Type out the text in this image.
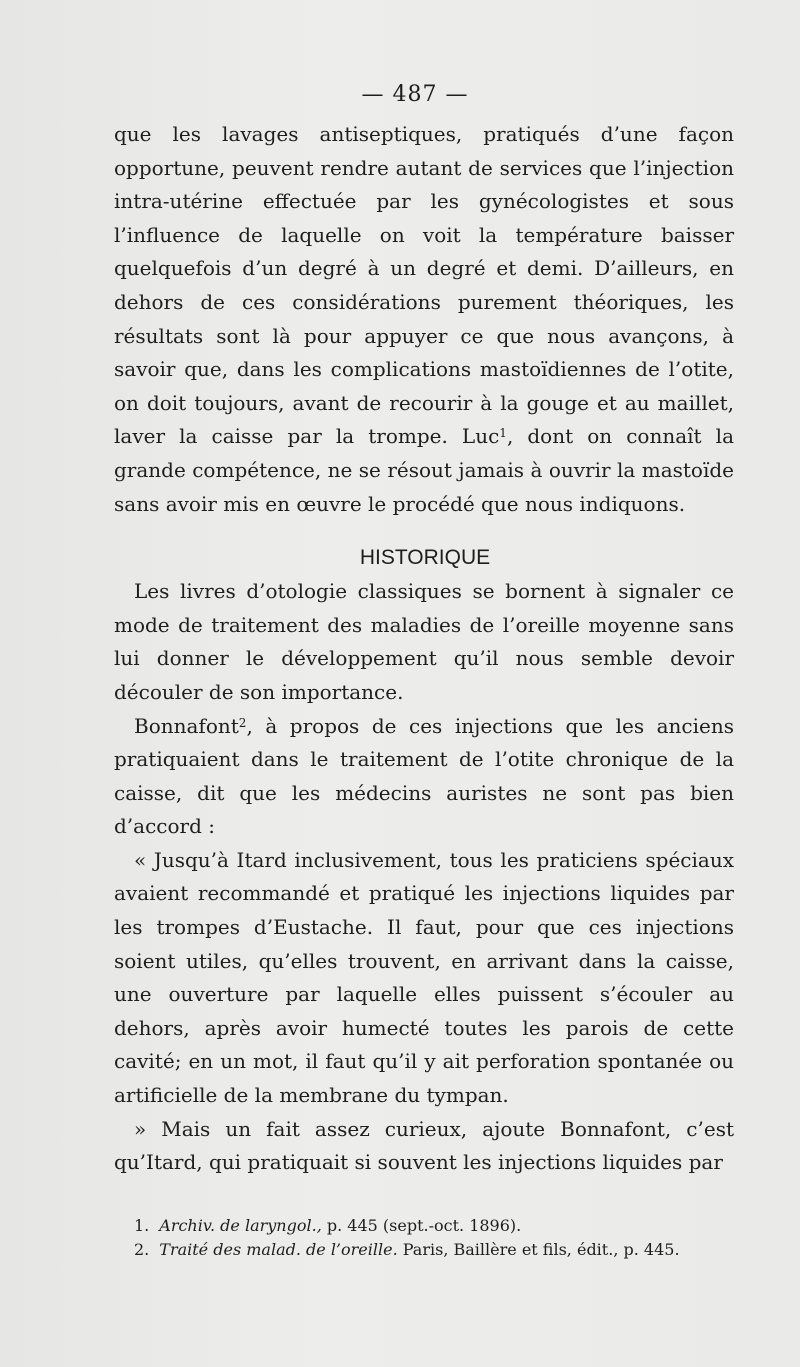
— 487 —

que les lavages antiseptiques, pratiqués d’une façon opportune, peuvent rendre autant de services que l’injection intra-utérine effectuée par les gynécologistes et sous l’influence de laquelle on voit la température baisser quelquefois d’un degré à un degré et demi. D’ailleurs, en dehors de ces considérations purement théoriques, les résultats sont là pour appuyer ce que nous avançons, à savoir que, dans les complications mastoïdiennes de l’otite, on doit toujours, avant de recourir à la gouge et au maillet, laver la caisse par la trompe. Luc$^1$, dont on connaît la grande compétence, ne se résout jamais à ouvrir la mastoïde sans avoir mis en œuvre le procédé que nous indiquons.

HISTORIQUE

Les livres d’otologie classiques se bornent à signaler ce mode de traitement des maladies de l’oreille moyenne sans lui donner le développement qu’il nous semble devoir découler de son importance.

Bonnafont$^2$, à propos de ces injections que les anciens pratiquaient dans le traitement de l’otite chronique de la caisse, dit que les médecins auristes ne sont pas bien d’accord :

« Jusqu’à Itard inclusivement, tous les praticiens spéciaux avaient recommandé et pratiqué les injections liquides par les trompes d’Eustache. Il faut, pour que ces injections soient utiles, qu’elles trouvent, en arrivant dans la caisse, une ouverture par laquelle elles puissent s’écouler au dehors, après avoir humecté toutes les parois de cette cavité; en un mot, il faut qu’il y ait perforation spontanée ou artificielle de la membrane du tympan.

» Mais un fait assez curieux, ajoute Bonnafont, c’est qu’Itard, qui pratiquait si souvent les injections liquides par

1. Archiv. de laryngol., p. 445 (sept.-oct. 1896).
2. Traité des malad. de l’oreille. Paris, Baillère et fils, édit., p. 445.
